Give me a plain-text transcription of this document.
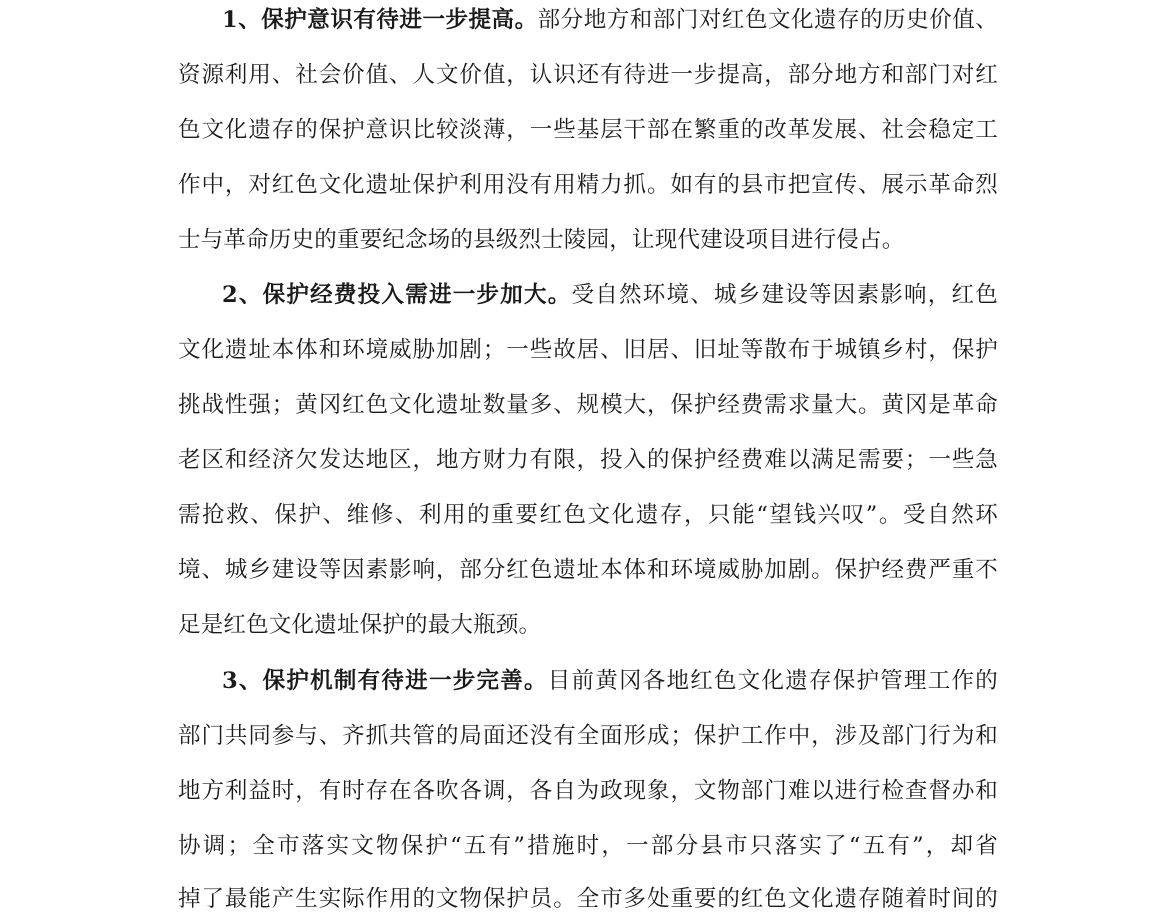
1、保护意识有待进一步提高。部分地方和部门对红色文化遗存的历史价值、
资源利用、社会价值、人文价值，认识还有待进一步提高，部分地方和部门对红
色文化遗存的保护意识比较淡薄，一些基层干部在繁重的改革发展、社会稳定工
作中，对红色文化遗址保护利用没有用精力抓。如有的县市把宣传、展示革命烈
士与革命历史的重要纪念场的县级烈士陵园，让现代建设项目进行侵占。
2、保护经费投入需进一步加大。受自然环境、城乡建设等因素影响，红色
文化遗址本体和环境威胁加剧；一些故居、旧居、旧址等散布于城镇乡村，保护
挑战性强；黄冈红色文化遗址数量多、规模大，保护经费需求量大。黄冈是革命
老区和经济欠发达地区，地方财力有限，投入的保护经费难以满足需要；一些急
需抢救、保护、维修、利用的重要红色文化遗存，只能“望钱兴叹”。受自然环
境、城乡建设等因素影响，部分红色遗址本体和环境威胁加剧。保护经费严重不
足是红色文化遗址保护的最大瓶颈。
3、保护机制有待进一步完善。目前黄冈各地红色文化遗存保护管理工作的
部门共同参与、齐抓共管的局面还没有全面形成；保护工作中，涉及部门行为和
地方利益时，有时存在各吹各调，各自为政现象，文物部门难以进行检查督办和
协调；全市落实文物保护“五有”措施时，一部分县市只落实了“五有”，却省
掉了最能产生实际作用的文物保护员。全市多处重要的红色文化遗存随着时间的
